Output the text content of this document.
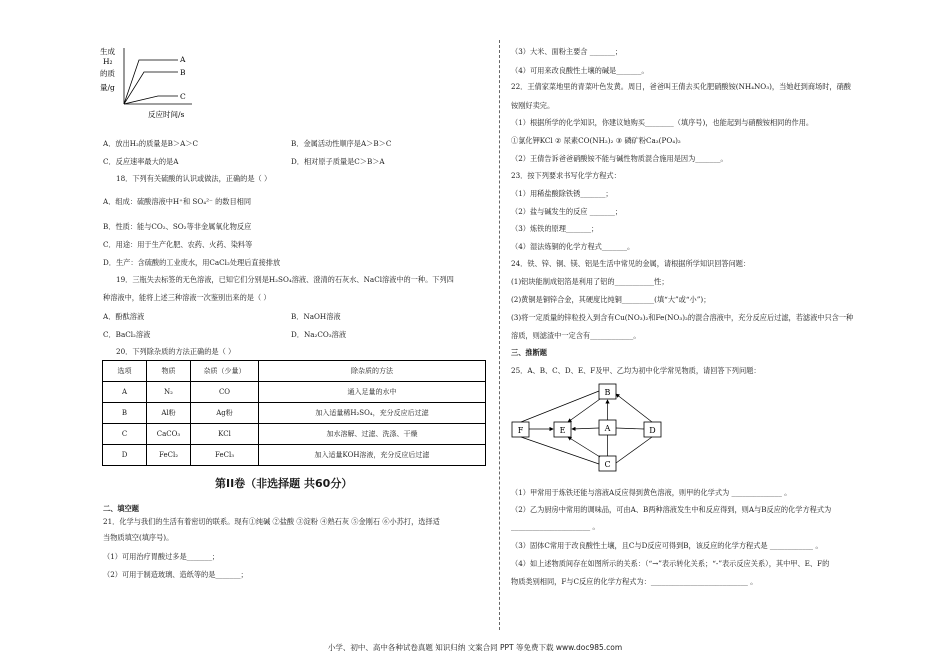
生成
H₂
的质
量/g
A
B
C
反应时间/s
A．放出H₂的质量是B＞A＞C	B．金属活动性顺序是A＞B＞C
C．反应速率最大的是A	D．相对原子质量是C＞B＞A
18．下列有关硫酸的认识或做法，正确的是（ ）
A．组成：硫酸溶液中H⁺和 SO₄²⁻ 的数目相同
B．性质：能与CO₂、SO₂等非金属氧化物反应
C．用途：用于生产化肥、农药、火药、染料等
D．生产：含硫酸的工业废水，用CaCl₂处理后直接排放
19．三瓶失去标签的无色溶液，已知它们分别是H₂SO₄溶液、澄清的石灰水、NaCl溶液中的一种。下列四
种溶液中，能将上述三种溶液一次鉴别出来的是（ ）
A．酚酞溶液	B．NaOH溶液
C．BaCl₂溶液	D．Na₂CO₃溶液
20．下列除杂质的方法正确的是（ ）
选项	物质	杂质（少量）	除杂质的方法
A	N₂	CO	通入足量的水中
B	Al粉	Ag粉	加入适量稀H₂SO₄，充分反应后过滤
C	CaCO₃	KCl	加水溶解、过滤、洗涤、干燥
D	FeCl₂	FeCl₃	加入适量KOH溶液，充分反应后过滤
第II卷（非选择题 共60分）
二、填空题
21．化学与我们的生活有着密切的联系。现有①纯碱 ②盐酸 ③淀粉 ④熟石灰 ⑤金刚石 ⑥小苏打，选择适
当物质填空(填序号)。
（1）可用治疗胃酸过多是_______；
（2）可用于制造玻璃、造纸等的是_______；
（3）大米、面粉主要含 _______；
（4）可用来改良酸性土壤的碱是_______。
22．王倩家菜地里的青菜叶色发黄。周日，爸爸叫王倩去买化肥硝酸铵(NH₄NO₃)，当她赶到商场时，硝酸
铵刚好卖完。
（1）根据所学的化学知识，你建议她购买________（填序号)，也能起到与硝酸铵相同的作用。
①氯化钾KCl ② 尿素CO(NH₂)₂ ③ 磷矿粉Ca₃(PO₄)₂
（2）王倩告诉爸爸硝酸铵不能与碱性物质混合施用是因为_______。
23．按下列要求书写化学方程式：
（1）用稀盐酸除铁锈_______；
（2）盐与碱发生的反应 _______；
（3）炼铁的原理_______；
（4）湿法炼铜的化学方程式_______。
24．铁、锌、铜、镁、铝是生活中常见的金属，请根据所学知识回答问题：
(1)铝块能制成铝箔是利用了铝的___________性；
(2)黄铜是铜锌合金，其硬度比纯铜_________(填“大”或“小”)；
(3)将一定质量的锌粒投入到含有Cu(NO₃)₂和Fe(NO₃)₂的混合溶液中，充分反应后过滤，若滤液中只含一种
溶质，则滤渣中一定含有____________。
三、推断题
25．A、B、C、D、E、F及甲、乙均为初中化学常见物质，请回答下列问题：
B
F	E	A	D
C
（1）甲常用于炼铁还能与溶液A反应得到黄色溶液，则甲的化学式为 ______________ 。
（2）乙为厨房中常用的调味品，可由A、B两种溶液发生中和反应得到，则A与B反应的化学方程式为
______________________ 。
（3）固体C常用于改良酸性土壤，且C与D反应可得到B，该反应的化学方程式是 ____________ 。
（4）如上述物质间存在如图所示的关系：（“→”表示转化关系；“-”表示反应关系），其中甲、E、F的
物质类别相同，F与C反应的化学方程式为：___________________________ 。
小学、初中、高中各种试卷真题 知识归纳 文案合同 PPT 等免费下载 www.doc985.com
